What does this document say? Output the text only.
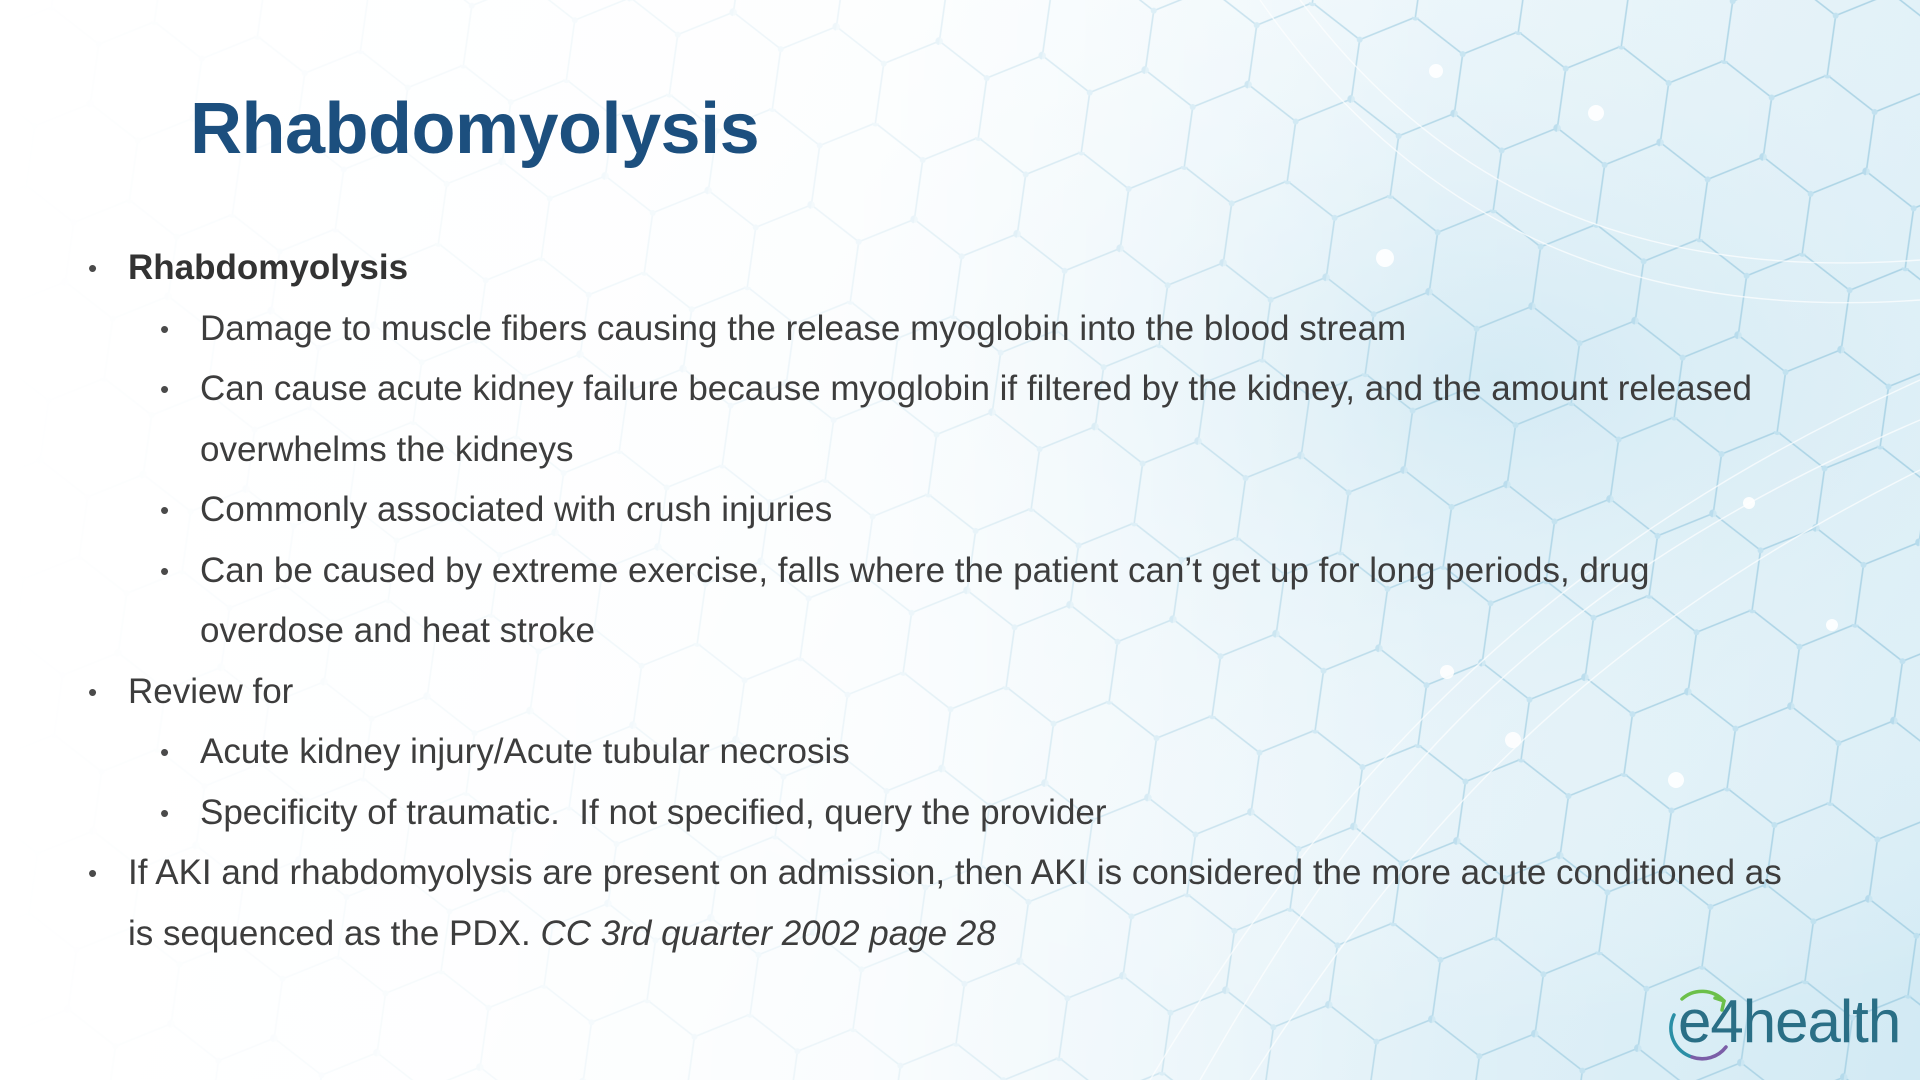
Rhabdomyolysis
• Rhabdomyolysis
• Damage to muscle fibers causing the release myoglobin into the blood stream
• Can cause acute kidney failure because myoglobin if filtered by the kidney, and the amount released overwhelms the kidneys
• Commonly associated with crush injuries
• Can be caused by extreme exercise, falls where the patient can’t get up for long periods, drug overdose and heat stroke
• Review for
• Acute kidney injury/Acute tubular necrosis
• Specificity of traumatic.  If not specified, query the provider
• If AKI and rhabdomyolysis are present on admission, then AKI is considered the more acute conditioned as is sequenced as the PDX. CC 3rd quarter 2002 page 28
e4health
